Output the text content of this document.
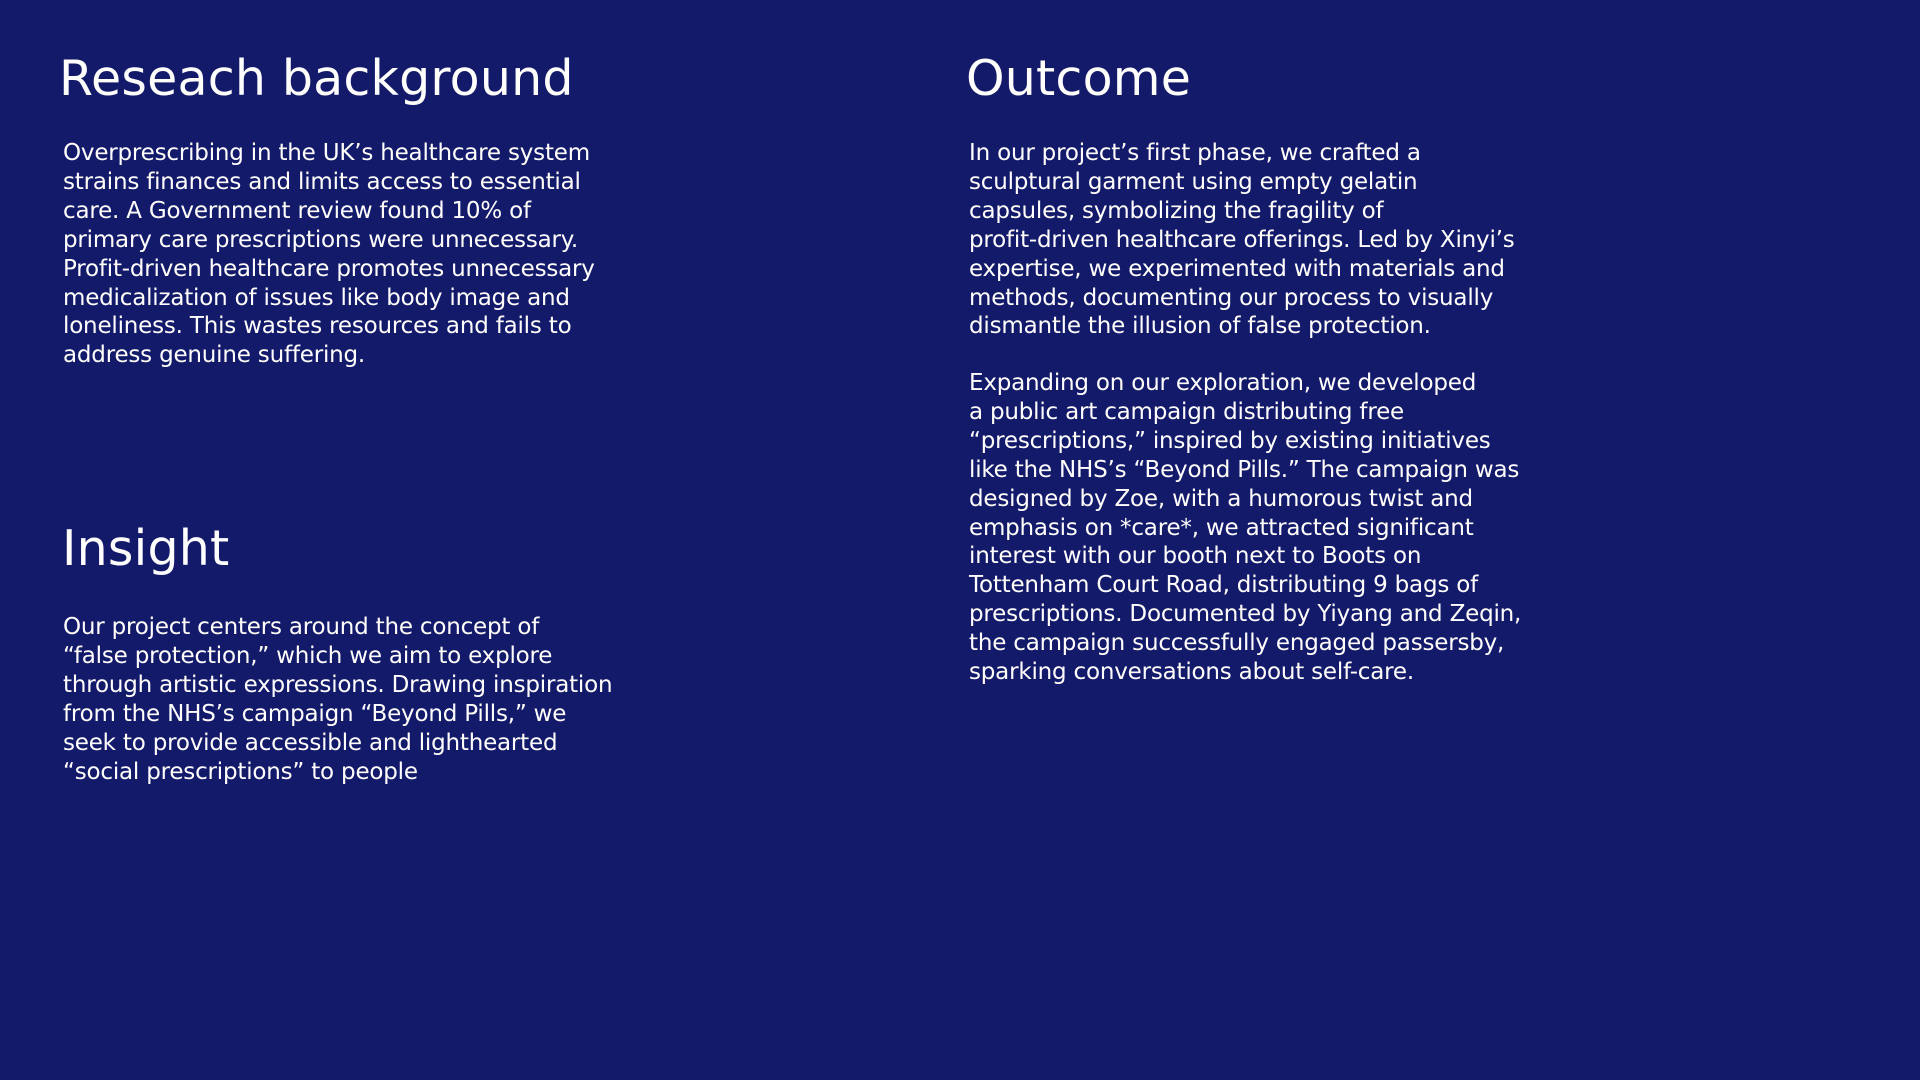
Reseach background
Overprescribing in the UK’s healthcare system
strains finances and limits access to essential
care. A Government review found 10% of
primary care prescriptions were unnecessary.
Profit-driven healthcare promotes unnecessary
medicalization of issues like body image and
loneliness. This wastes resources and fails to
address genuine suffering.
Insight
Our project centers around the concept of
“false protection,” which we aim to explore
through artistic expressions. Drawing inspiration
from the NHS’s campaign “Beyond Pills,” we
seek to provide accessible and lighthearted
“social prescriptions” to people
Outcome
In our project’s first phase, we crafted a
sculptural garment using empty gelatin
capsules, symbolizing the fragility of
profit-driven healthcare offerings. Led by Xinyi’s
expertise, we experimented with materials and
methods, documenting our process to visually
dismantle the illusion of false protection.
Expanding on our exploration, we developed
a public art campaign distributing free
“prescriptions,” inspired by existing initiatives
like the NHS’s “Beyond Pills.” The campaign was
designed by Zoe, with a humorous twist and
emphasis on *care*, we attracted significant
interest with our booth next to Boots on
Tottenham Court Road, distributing 9 bags of
prescriptions. Documented by Yiyang and Zeqin,
the campaign successfully engaged passersby,
sparking conversations about self-care.
